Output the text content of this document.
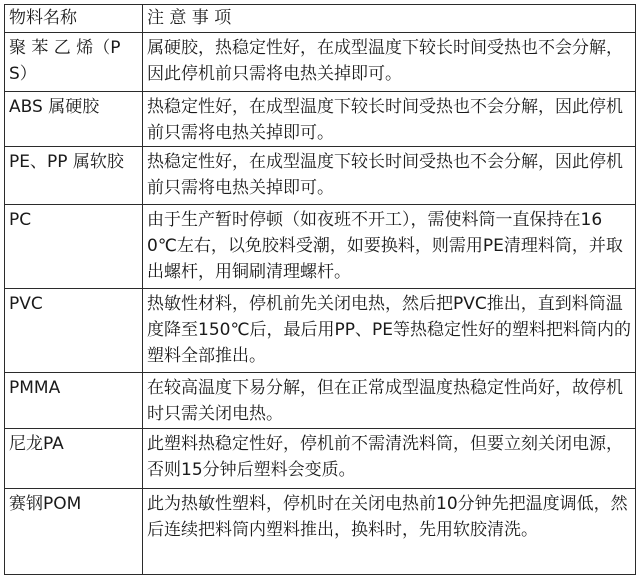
物料名称	注 意 事 项
聚 苯 乙 烯（PS）	属硬胶，热稳定性好，在成型温度下较长时间受热也不会分解，因此停机前只需将电热关掉即可。
ABS 属硬胶	热稳定性好，在成型温度下较长时间受热也不会分解，因此停机前只需将电热关掉即可。
PE、PP 属软胶	热稳定性好，在成型温度下较长时间受热也不会分解，因此停机前只需将电热关掉即可。
PC	由于生产暂时停顿（如夜班不开工），需使料筒一直保持在160℃左右，以免胶料受潮，如要换料，则需用PE清理料筒，并取出螺杆，用铜刷清理螺杆。
PVC	热敏性材料，停机前先关闭电热，然后把PVC推出，直到料筒温度降至150℃后，最后用PP、PE等热稳定性好的塑料把料筒内的塑料全部推出。
PMMA	在较高温度下易分解，但在正常成型温度热稳定性尚好，故停机时只需关闭电热。
尼龙PA	此塑料热稳定性好，停机前不需清洗料筒，但要立刻关闭电源，否则15分钟后塑料会变质。
赛钢POM	此为热敏性塑料，停机时在关闭电热前10分钟先把温度调低，然后连续把料筒内塑料推出，换料时，先用软胶清洗。
